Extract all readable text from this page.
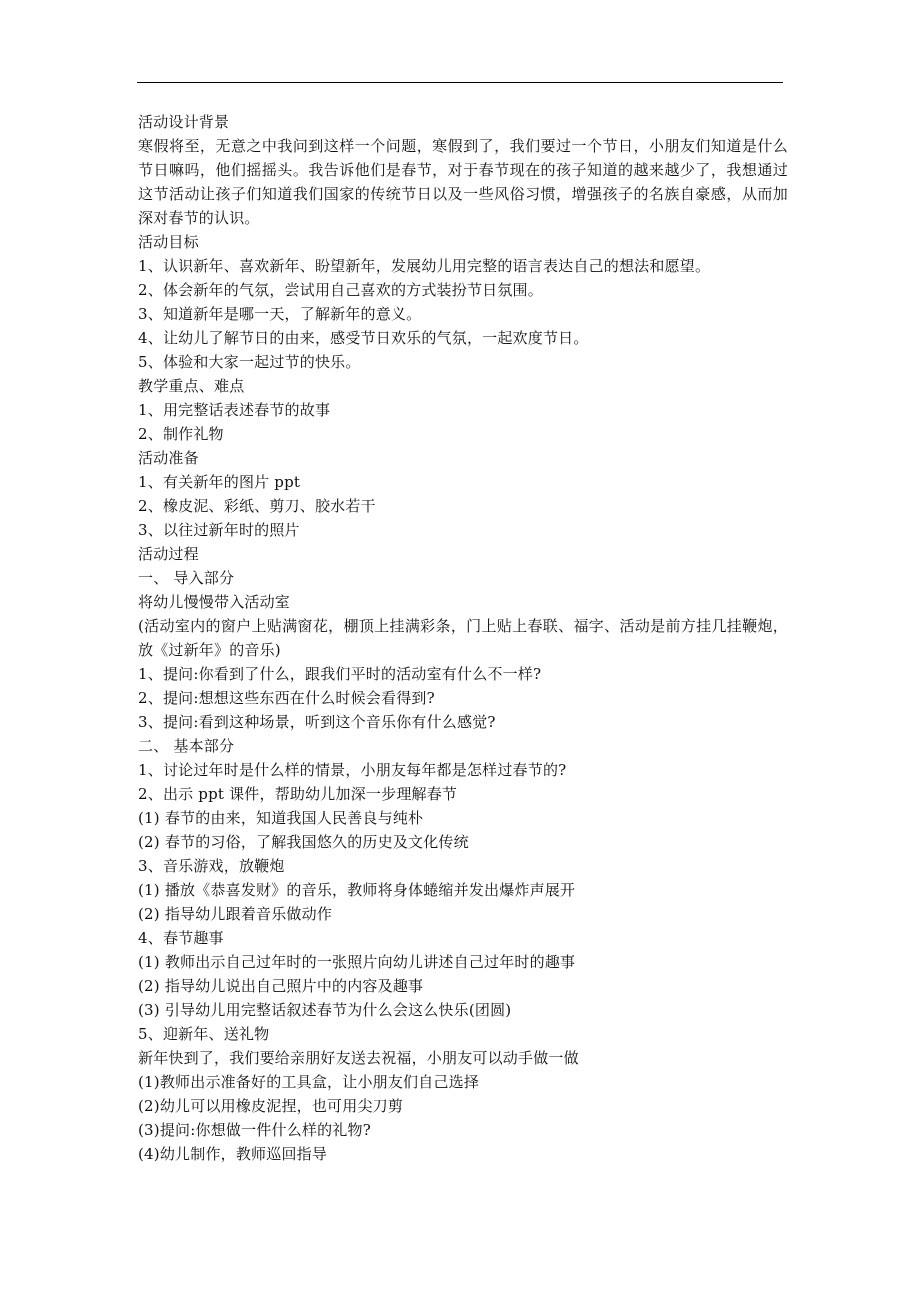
活动设计背景

寒假将至，无意之中我问到这样一个问题，寒假到了，我们要过一个节日，小朋友们知道是什么节日嘛吗，他们摇摇头。我告诉他们是春节，对于春节现在的孩子知道的越来越少了，我想通过这节活动让孩子们知道我们国家的传统节日以及一些风俗习惯，增强孩子的名族自豪感，从而加深对春节的认识。

活动目标

1、认识新年、喜欢新年、盼望新年，发展幼儿用完整的语言表达自己的想法和愿望。

2、体会新年的气氛，尝试用自己喜欢的方式装扮节日氛围。

3、知道新年是哪一天，了解新年的意义。

4、让幼儿了解节日的由来，感受节日欢乐的气氛，一起欢度节日。

5、体验和大家一起过节的快乐。

教学重点、难点

1、用完整话表述春节的故事

2、制作礼物

活动准备

1、有关新年的图片 ppt

2、橡皮泥、彩纸、剪刀、胶水若干

3、以往过新年时的照片

活动过程

一、 导入部分

将幼儿慢慢带入活动室

(活动室内的窗户上贴满窗花，棚顶上挂满彩条，门上贴上春联、福字、活动是前方挂几挂鞭炮，放《过新年》的音乐)

1、提问:你看到了什么，跟我们平时的活动室有什么不一样?

2、提问:想想这些东西在什么时候会看得到?

3、提问:看到这种场景，听到这个音乐你有什么感觉?

二、 基本部分

1、讨论过年时是什么样的情景，小朋友每年都是怎样过春节的?

2、出示 ppt 课件，帮助幼儿加深一步理解春节

(1) 春节的由来，知道我国人民善良与纯朴

(2) 春节的习俗，了解我国悠久的历史及文化传统

3、音乐游戏，放鞭炮

(1) 播放《恭喜发财》的音乐，教师将身体蜷缩并发出爆炸声展开

(2) 指导幼儿跟着音乐做动作

4、春节趣事

(1) 教师出示自己过年时的一张照片向幼儿讲述自己过年时的趣事

(2) 指导幼儿说出自己照片中的内容及趣事

(3) 引导幼儿用完整话叙述春节为什么会这么快乐(团圆)

5、迎新年、送礼物

新年快到了，我们要给亲朋好友送去祝福，小朋友可以动手做一做

(1)教师出示准备好的工具盒，让小朋友们自己选择

(2)幼儿可以用橡皮泥捏，也可用尖刀剪

(3)提问:你想做一件什么样的礼物?

(4)幼儿制作，教师巡回指导
